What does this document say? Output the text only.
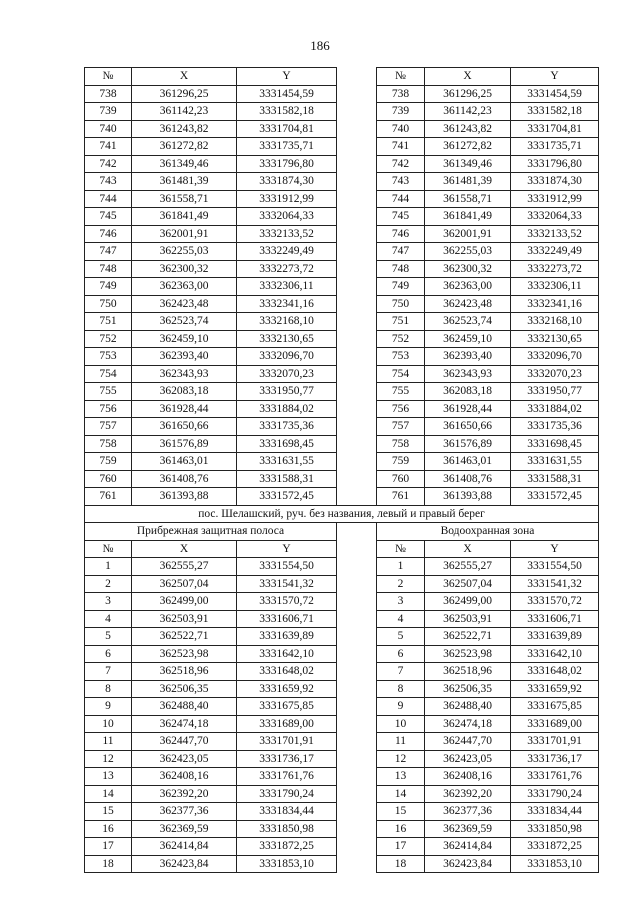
186
№	X	Y		№	X	Y
738	361296,25	3331454,59		738	361296,25	3331454,59
739	361142,23	3331582,18		739	361142,23	3331582,18
740	361243,82	3331704,81		740	361243,82	3331704,81
741	361272,82	3331735,71		741	361272,82	3331735,71
742	361349,46	3331796,80		742	361349,46	3331796,80
743	361481,39	3331874,30		743	361481,39	3331874,30
744	361558,71	3331912,99		744	361558,71	3331912,99
745	361841,49	3332064,33		745	361841,49	3332064,33
746	362001,91	3332133,52		746	362001,91	3332133,52
747	362255,03	3332249,49		747	362255,03	3332249,49
748	362300,32	3332273,72		748	362300,32	3332273,72
749	362363,00	3332306,11		749	362363,00	3332306,11
750	362423,48	3332341,16		750	362423,48	3332341,16
751	362523,74	3332168,10		751	362523,74	3332168,10
752	362459,10	3332130,65		752	362459,10	3332130,65
753	362393,40	3332096,70		753	362393,40	3332096,70
754	362343,93	3332070,23		754	362343,93	3332070,23
755	362083,18	3331950,77		755	362083,18	3331950,77
756	361928,44	3331884,02		756	361928,44	3331884,02
757	361650,66	3331735,36		757	361650,66	3331735,36
758	361576,89	3331698,45		758	361576,89	3331698,45
759	361463,01	3331631,55		759	361463,01	3331631,55
760	361408,76	3331588,31		760	361408,76	3331588,31
761	361393,88	3331572,45		761	361393,88	3331572,45
пос. Шелашский, руч. без названия, левый и правый берег						
Прибрежная защитная полоса				Водоохранная зона		
№	X	Y		№	X	Y
1	362555,27	3331554,50		1	362555,27	3331554,50
2	362507,04	3331541,32		2	362507,04	3331541,32
3	362499,00	3331570,72		3	362499,00	3331570,72
4	362503,91	3331606,71		4	362503,91	3331606,71
5	362522,71	3331639,89		5	362522,71	3331639,89
6	362523,98	3331642,10		6	362523,98	3331642,10
7	362518,96	3331648,02		7	362518,96	3331648,02
8	362506,35	3331659,92		8	362506,35	3331659,92
9	362488,40	3331675,85		9	362488,40	3331675,85
10	362474,18	3331689,00		10	362474,18	3331689,00
11	362447,70	3331701,91		11	362447,70	3331701,91
12	362423,05	3331736,17		12	362423,05	3331736,17
13	362408,16	3331761,76		13	362408,16	3331761,76
14	362392,20	3331790,24		14	362392,20	3331790,24
15	362377,36	3331834,44		15	362377,36	3331834,44
16	362369,59	3331850,98		16	362369,59	3331850,98
17	362414,84	3331872,25		17	362414,84	3331872,25
18	362423,84	3331853,10		18	362423,84	3331853,10
